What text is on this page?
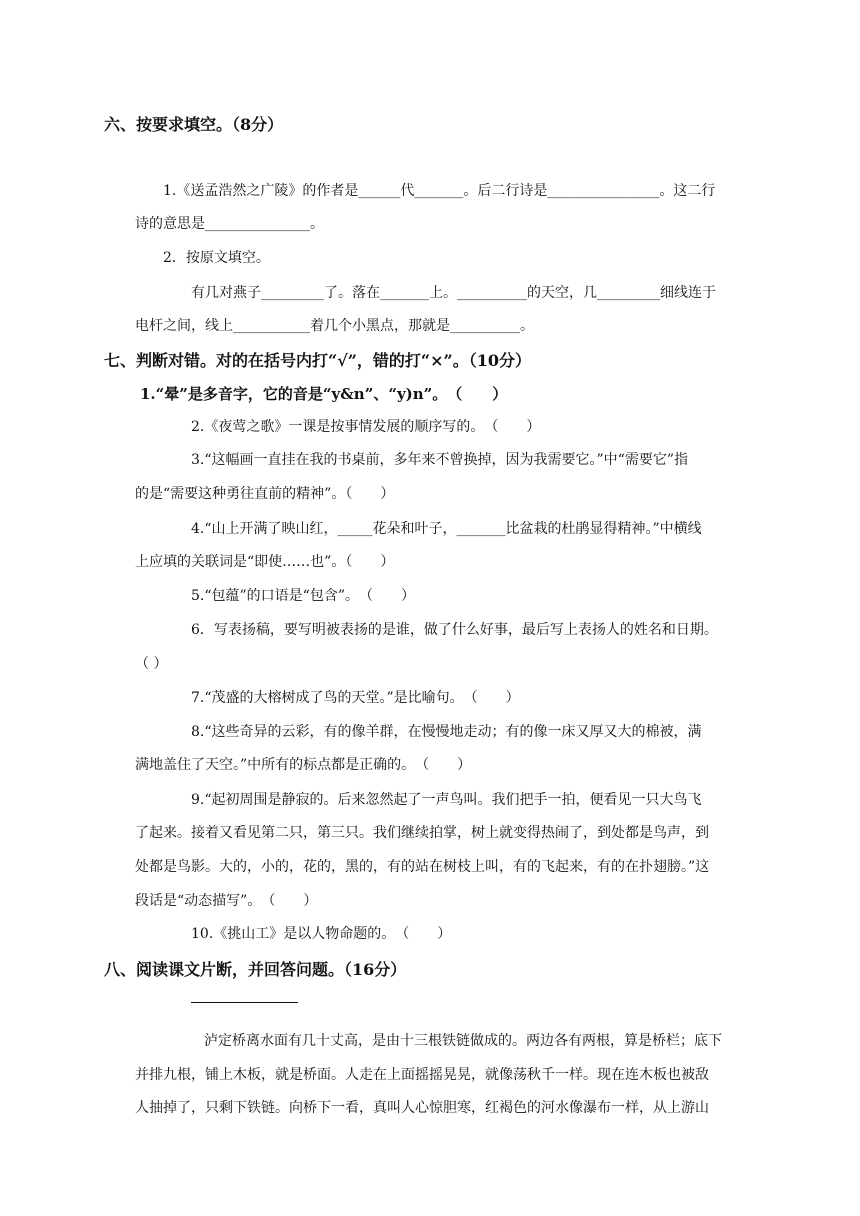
六、按要求填空。（8分）
1.《送孟浩然之广陵》的作者是______代_______。后二行诗是________________。这二行
诗的意思是_______________。
2．按原文填空。
有几对燕子_________了。落在_______上。__________的天空，几_________细线连于
电杆之间，线上___________着几个小黑点，那就是__________。
七、判断对错。对的在括号内打“√”，错的打“×”。（10分）
1.“晕”是多音字，它的音是“y&n”、“y)n”。　（　　）
2.《夜莺之歌》一课是按事情发展的顺序写的。　（　　）
3.“这幅画一直挂在我的书桌前，多年来不曾换掉，因为我需要它。”中“需要它”指
的是“需要这种勇往直前的精神”。（　　）
4.“山上开满了映山红，_____花朵和叶子，_______比盆栽的杜鹃显得精神。”中横线
上应填的关联词是“即使……也”。（　　）
5.“包蕴”的口语是“包含”。　（　　）
6．写表扬稿，要写明被表扬的是谁，做了什么好事，最后写上表扬人的姓名和日期。
（ ）
7.“茂盛的大榕树成了鸟的天堂。”是比喻句。　（　　）
8.“这些奇异的云彩，有的像羊群，在慢慢地走动；有的像一床又厚又大的棉被，满
满地盖住了天空。”中所有的标点都是正确的。　（　　）
9.“起初周围是静寂的。后来忽然起了一声鸟叫。我们把手一拍，便看见一只大鸟飞
了起来。接着又看见第二只，第三只。我们继续拍掌，树上就变得热闹了，到处都是鸟声，到
处都是鸟影。大的，小的，花的，黑的，有的站在树枝上叫，有的飞起来，有的在扑翅膀。”这
段话是“动态描写”。　（　　）
10.《挑山工》是以人物命题的。　（　　）
八、阅读课文片断，并回答问题。（16分）
泸定桥离水面有几十丈高，是由十三根铁链做成的。两边各有两根，算是桥栏；底下
并排九根，铺上木板，就是桥面。人走在上面摇摇晃晃，就像荡秋千一样。现在连木板也被敌
人抽掉了，只剩下铁链。向桥下一看，真叫人心惊胆寒，红褐色的河水像瀑布一样，从上游山
